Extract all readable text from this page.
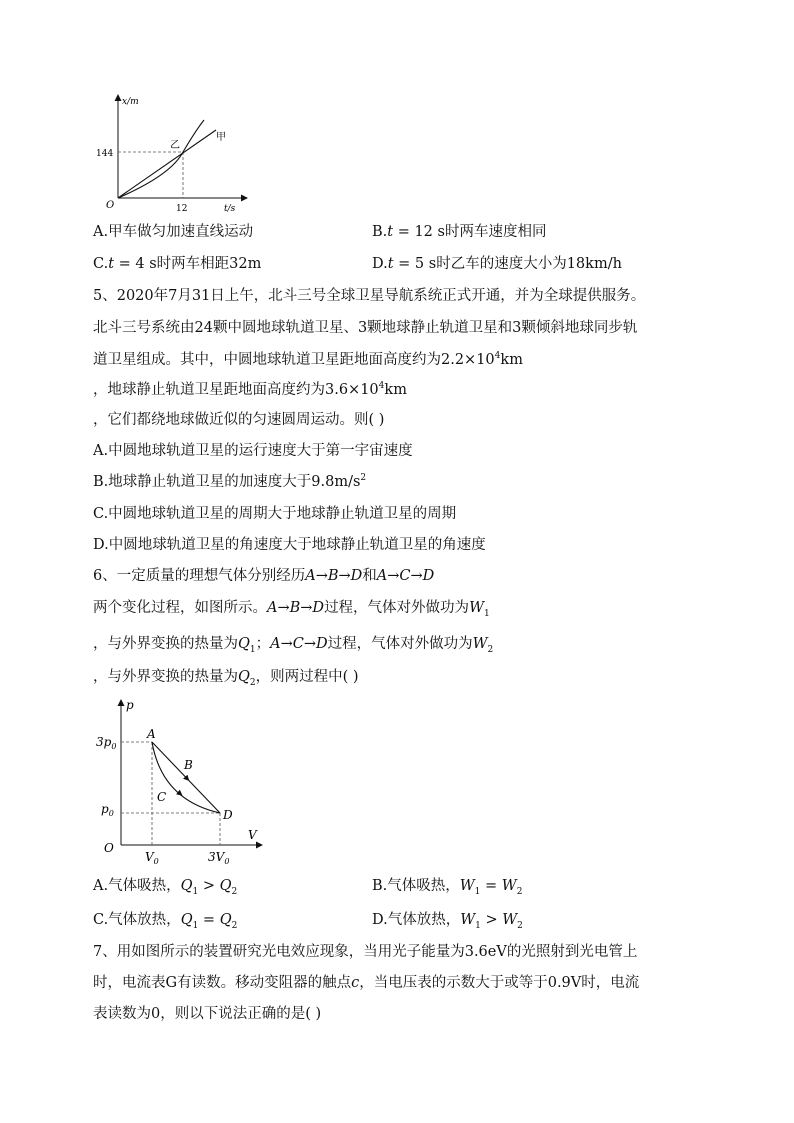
x/m
t/s
O
144
12
甲
乙
A.甲车做匀加速直线运动	B.t = 12 s时两车速度相同
C.t = 4 s时两车相距32m	D.t = 5 s时乙车的速度大小为18km/h
5、2020年7月31日上午，北斗三号全球卫星导航系统正式开通，并为全球提供服务。
北斗三号系统由24颗中圆地球轨道卫星、3颗地球静止轨道卫星和3颗倾斜地球同步轨
道卫星组成。其中，中圆地球轨道卫星距地面高度约为$2.2\times 10^4km$
，地球静止轨道卫星距地面高度约为$3.6\times 10^4km$
，它们都绕地球做近似的匀速圆周运动。则( )
A.中圆地球轨道卫星的运行速度大于第一宇宙速度
B.地球静止轨道卫星的加速度大于$9.8m/s^2$
C.中圆地球轨道卫星的周期大于地球静止轨道卫星的周期
D.中圆地球轨道卫星的角速度大于地球静止轨道卫星的角速度
6、一定质量的理想气体分别经历A→B→D和A→C→D
两个变化过程，如图所示。A→B→D过程，气体对外做功为$W_1$
，与外界变换的热量为$Q_1$；A→C→D过程，气体对外做功为$W_2$
，与外界变换的热量为$Q_2$，则两过程中( )
p
V
O
$3p_0$
$p_0$
$V_0$	$3V_0$
A
B
C
D
A.气体吸热，$Q_1 > Q_2$	B.气体吸热，$W_1 = W_2$
C.气体放热，$Q_1 = Q_2$	D.气体放热，$W_1 > W_2$
7、用如图所示的装置研究光电效应现象，当用光子能量为3.6eV的光照射到光电管上
时，电流表G有读数。移动变阻器的触点c，当电压表的示数大于或等于0.9V时，电流
表读数为0，则以下说法正确的是( )
